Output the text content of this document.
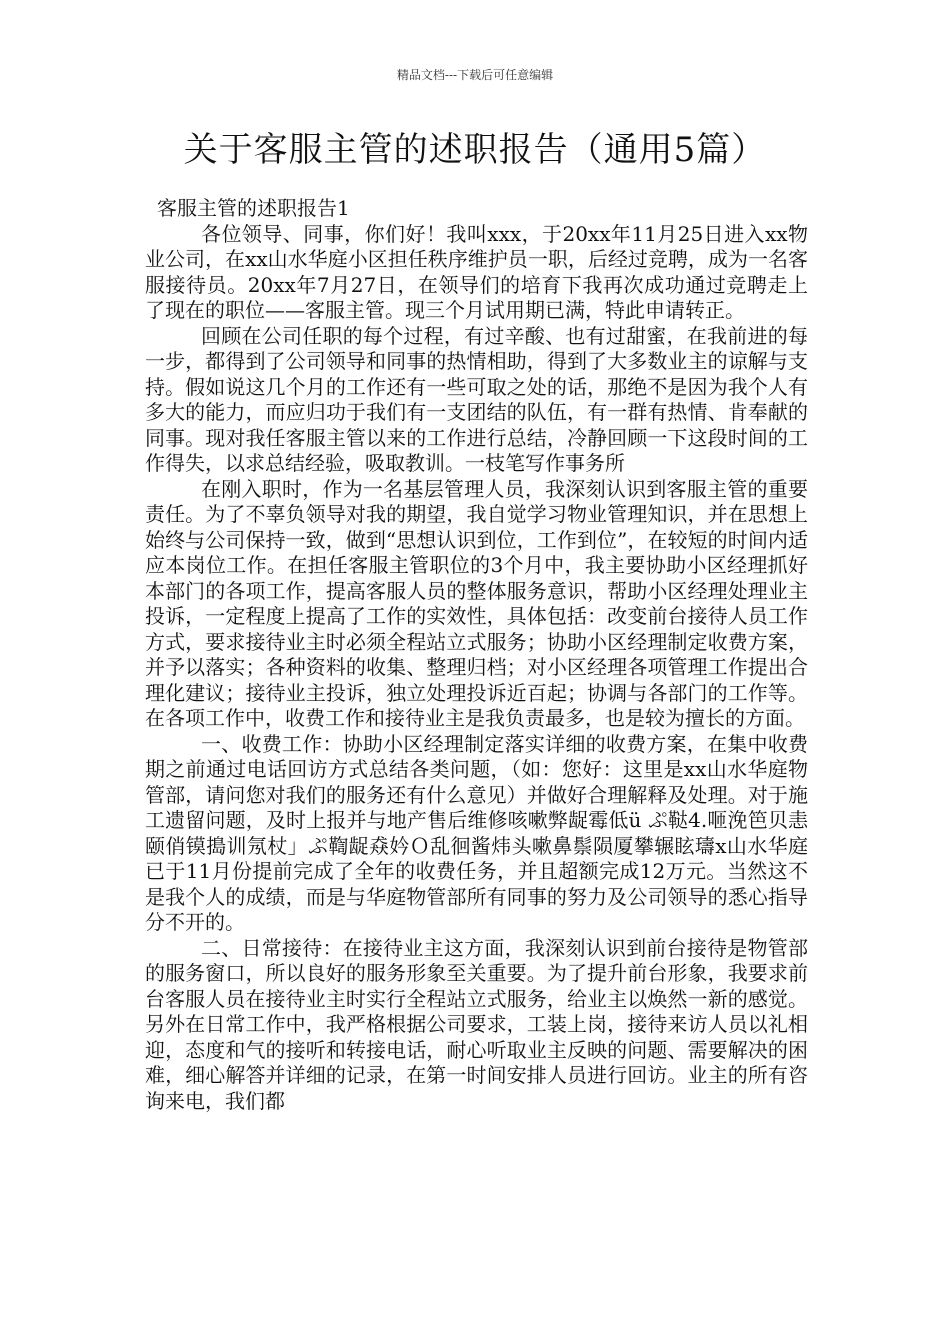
精品文档---下载后可任意编辑
关于客服主管的述职报告（通用5篇）
客服主管的述职报告1

各位领导、同事，你们好！我叫xxx，于20xx年11月25日进入xx物业公司，在xx山水华庭小区担任秩序维护员一职，后经过竞聘，成为一名客服接待员。20xx年7月27日，在领导们的培育下我再次成功通过竞聘走上了现在的职位——客服主管。现三个月试用期已满，特此申请转正。

回顾在公司任职的每个过程，有过辛酸、也有过甜蜜，在我前进的每一步，都得到了公司领导和同事的热情相助，得到了大多数业主的谅解与支持。假如说这几个月的工作还有一些可取之处的话，那绝不是因为我个人有多大的能力，而应归功于我们有一支团结的队伍，有一群有热情、肯奉献的同事。现对我任客服主管以来的工作进行总结，冷静回顾一下这段时间的工作得失，以求总结经验，吸取教训。一枝笔写作事务所

在刚入职时，作为一名基层管理人员，我深刻认识到客服主管的重要责任。为了不辜负领导对我的期望，我自觉学习物业管理知识，并在思想上始终与公司保持一致，做到“思想认识到位，工作到位”，在较短的时间内适应本岗位工作。在担任客服主管职位的3个月中，我主要协助小区经理抓好本部门的各项工作，提高客服人员的整体服务意识，帮助小区经理处理业主投诉，一定程度上提高了工作的实效性，具体包括：改变前台接待人员工作方式，要求接待业主时必须全程站立式服务；协助小区经理制定收费方案，并予以落实；各种资料的收集、整理归档；对小区经理各项管理工作提出合理化建议；接待业主投诉，独立处理投诉近百起；协调与各部门的工作等。在各项工作中，收费工作和接待业主是我负责最多，也是较为擅长的方面。

一、收费工作：协助小区经理制定落实详细的收费方案，在集中收费期之前通过电话回访方式总结各类问题，（如：您好：这里是xx山水华庭物管部，请问您对我们的服务还有什么意见）并做好合理解释及处理。对于施工遗留问题，及时上报并与地产售后维修咳嗽弊龊霉低ü ぷ鞑4.咂浼笆贝恚颐俏镆搗训氖杖」ぷ鞫龊猋妗Ｏ乱徊酱炜头嗽鼻鬃陨厦攀辗眩璹x山水华庭已于11月份提前完成了全年的收费任务，并且超额完成12万元。当然这不是我个人的成绩，而是与华庭物管部所有同事的努力及公司领导的悉心指导分不开的。

二、日常接待：在接待业主这方面，我深刻认识到前台接待是物管部的服务窗口，所以良好的服务形象至关重要。为了提升前台形象，我要求前台客服人员在接待业主时实行全程站立式服务，给业主以焕然一新的感觉。另外在日常工作中，我严格根据公司要求，工装上岗，接待来访人员以礼相迎，态度和气的接听和转接电话，耐心听取业主反映的问题、需要解决的困难，细心解答并详细的记录，在第一时间安排人员进行回访。业主的所有咨询来电，我们都
